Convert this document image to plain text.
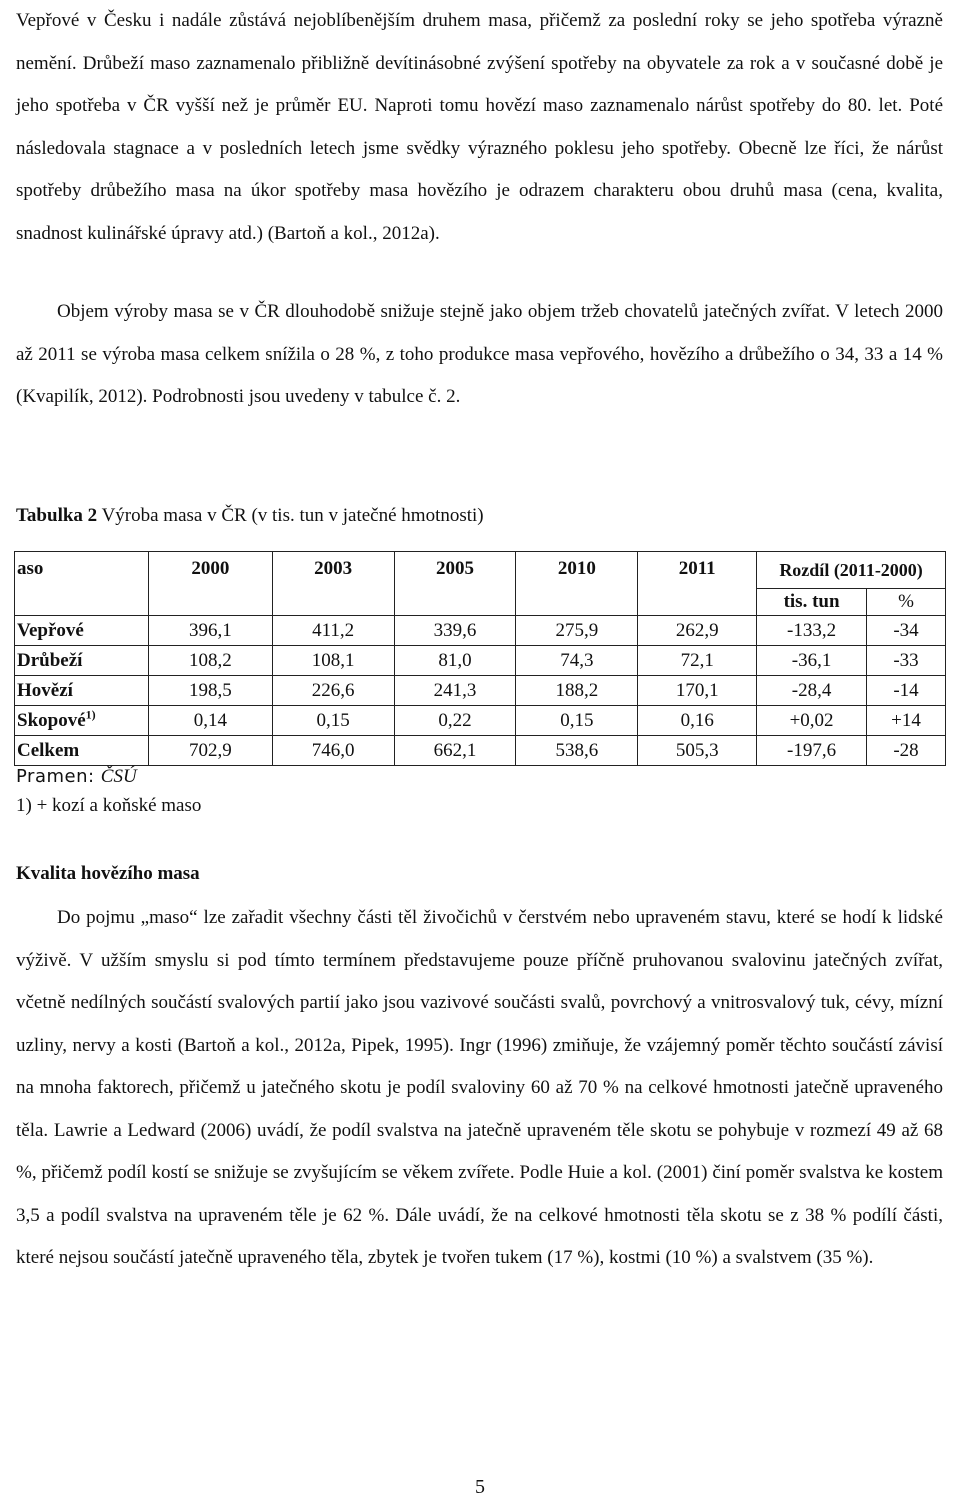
Vepřové v Česku i nadále zůstává nejoblíbenějším druhem masa, přičemž za poslední roky se jeho spotřeba výrazně nemění. Drůbeží maso zaznamenalo přibližně devítinásobné zvýšení spotřeby na obyvatele za rok a v současné době je jeho spotřeba v ČR vyšší než je průměr EU. Naproti tomu hovězí maso zaznamenalo nárůst spotřeby do 80. let. Poté následovala stagnace a v posledních letech jsme svědky výrazného poklesu jeho spotřeby. Obecně lze říci, že nárůst spotřeby drůbežího masa na úkor spotřeby masa hovězího je odrazem charakteru obou druhů masa (cena, kvalita, snadnost kulinářské úpravy atd.) (Bartoň a kol., 2012a).

Objem výroby masa se v ČR dlouhodobě snižuje stejně jako objem tržeb chovatelů jatečných zvířat. V letech 2000 až 2011 se výroba masa celkem snížila o 28 %, z toho produkce masa vepřového, hovězího a drůbežího o 34, 33 a 14 % (Kvapilík, 2012). Podrobnosti jsou uvedeny v tabulce č. 2.

Tabulka 2 Výroba masa v ČR (v tis. tun v jatečné hmotnosti)

aso	2000	2003	2005	2010	2011	Rozdíl (2011-2000)	
						tis. tun	%
Vepřové	396,1	411,2	339,6	275,9	262,9	-133,2	-34
Drůbeží	108,2	108,1	81,0	74,3	72,1	-36,1	-33
Hovězí	198,5	226,6	241,3	188,2	170,1	-28,4	-14
Skopové$^{1)}$	0,14	0,15	0,22	0,15	0,16	+0,02	+14
Celkem	702,9	746,0	662,1	538,6	505,3	-197,6	-28

Pramen: ČSÚ

1) + kozí a koňské maso

Kvalita hovězího masa

Do pojmu „maso“ lze zařadit všechny části těl živočichů v čerstvém nebo upraveném stavu, které se hodí k lidské výživě. V užším smyslu si pod tímto termínem představujeme pouze příčně pruhovanou svalovinu jatečných zvířat, včetně nedílných součástí svalových partií jako jsou vazivové součásti svalů, povrchový a vnitrosvalový tuk, cévy, mízní uzliny, nervy a kosti (Bartoň a kol., 2012a, Pipek, 1995). Ingr (1996) zmiňuje, že vzájemný poměr těchto součástí závisí na mnoha faktorech, přičemž u jatečného skotu je podíl svaloviny 60 až 70 % na celkové hmotnosti jatečně upraveného těla. Lawrie a Ledward (2006) uvádí, že podíl svalstva na jatečně upraveném těle skotu se pohybuje v rozmezí 49 až 68 %, přičemž podíl kostí se snižuje se zvyšujícím se věkem zvířete. Podle Huie a kol. (2001) činí poměr svalstva ke kostem 3,5 a podíl svalstva na upraveném těle je 62 %. Dále uvádí, že na celkové hmotnosti těla skotu se z 38 % podílí části, které nejsou součástí jatečně upraveného těla, zbytek je tvořen tukem (17 %), kostmi (10 %) a svalstvem (35 %).

5
